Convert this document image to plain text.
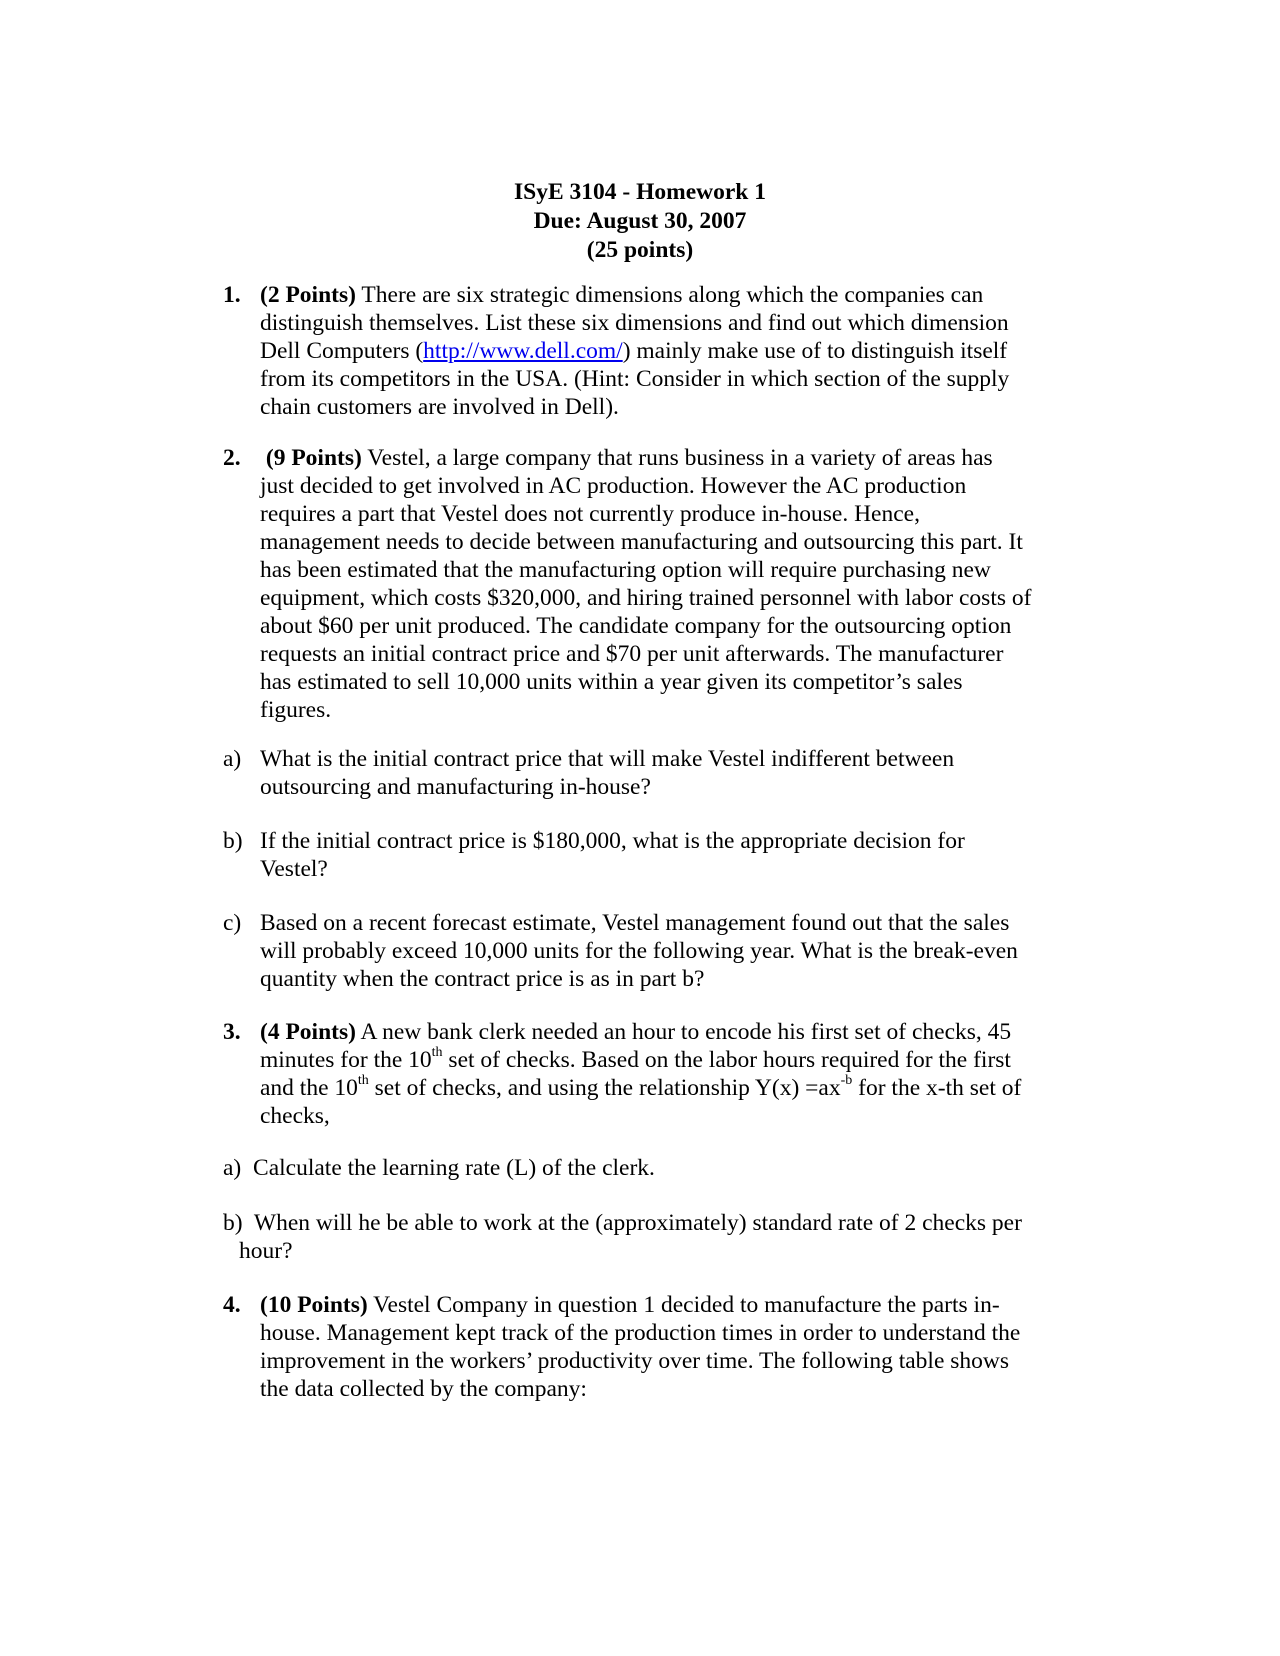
ISyE 3104 - Homework 1
Due: August 30, 2007
(25 points)
1. (2 Points) There are six strategic dimensions along which the companies can
distinguish themselves. List these six dimensions and find out which dimension
Dell Computers (http://www.dell.com/) mainly make use of to distinguish itself
from its competitors in the USA. (Hint: Consider in which section of the supply
chain customers are involved in Dell).
2. (9 Points) Vestel, a large company that runs business in a variety of areas has
just decided to get involved in AC production. However the AC production
requires a part that Vestel does not currently produce in-house. Hence,
management needs to decide between manufacturing and outsourcing this part. It
has been estimated that the manufacturing option will require purchasing new
equipment, which costs $320,000, and hiring trained personnel with labor costs of
about $60 per unit produced. The candidate company for the outsourcing option
requests an initial contract price and $70 per unit afterwards. The manufacturer
has estimated to sell 10,000 units within a year given its competitor’s sales
figures.
a) What is the initial contract price that will make Vestel indifferent between
outsourcing and manufacturing in-house?
b) If the initial contract price is $180,000, what is the appropriate decision for
Vestel?
c) Based on a recent forecast estimate, Vestel management found out that the sales
will probably exceed 10,000 units for the following year. What is the break-even
quantity when the contract price is as in part b?
3. (4 Points) A new bank clerk needed an hour to encode his first set of checks, 45
minutes for the 10th set of checks. Based on the labor hours required for the first
and the 10th set of checks, and using the relationship $Y(x) =ax^{-b}$ for the x-th set of
checks,
a) Calculate the learning rate (L) of the clerk.
b) When will he be able to work at the (approximately) standard rate of 2 checks per
hour?
4. (10 Points) Vestel Company in question 1 decided to manufacture the parts in-
house. Management kept track of the production times in order to understand the
improvement in the workers’ productivity over time. The following table shows
the data collected by the company:
